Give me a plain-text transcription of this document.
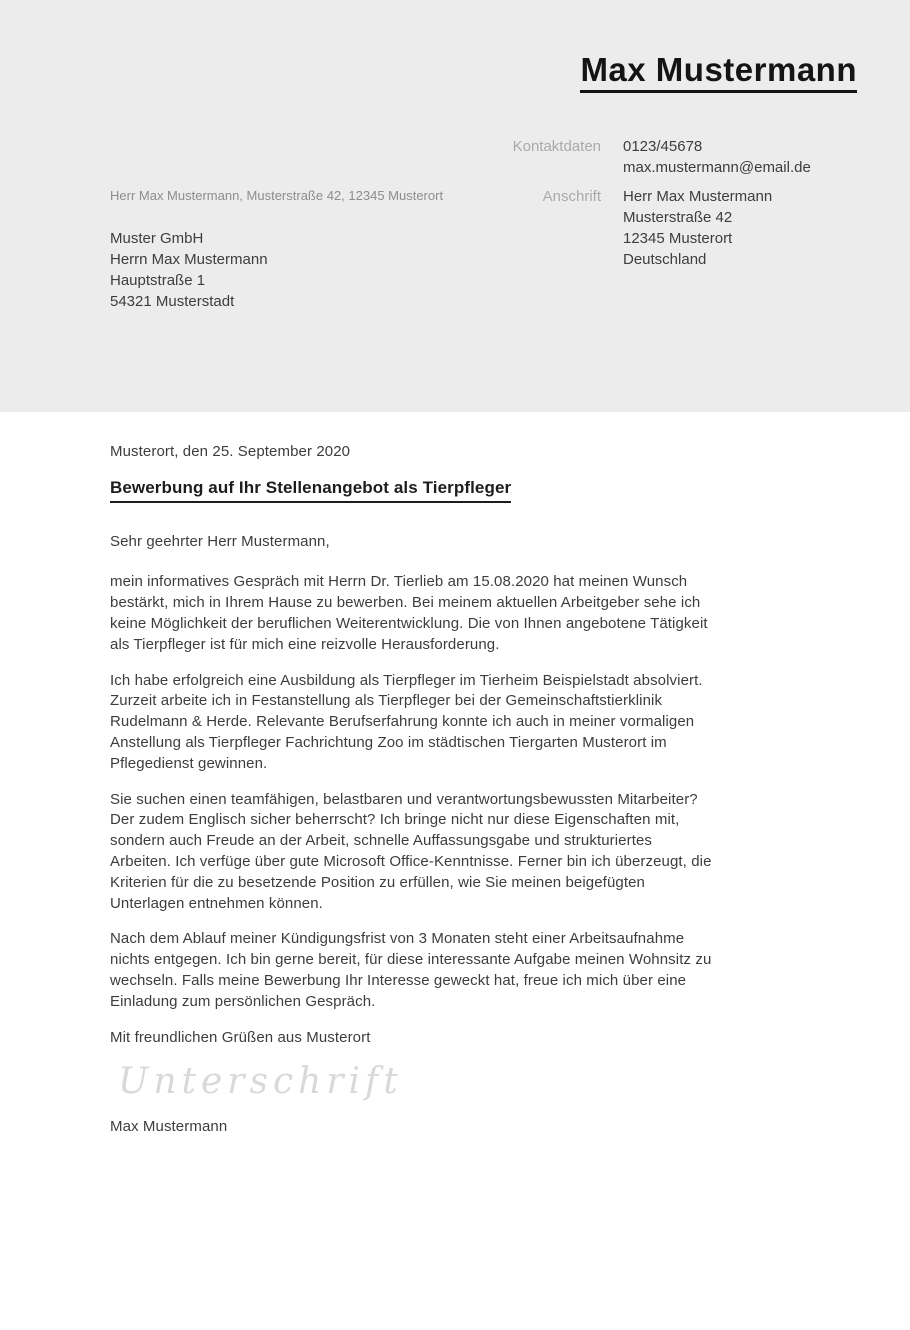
Max Mustermann
Kontaktdaten 0123/45678
max.mustermann@email.de
Anschrift Herr Max Mustermann
Musterstraße 42
12345 Musterort
Deutschland
Herr Max Mustermann, Musterstraße 42, 12345 Musterort
Muster GmbH
Herrn Max Mustermann
Hauptstraße 1
54321 Musterstadt
Musterort, den 25. September 2020
Bewerbung auf Ihr Stellenangebot als Tierpfleger
Sehr geehrter Herr Mustermann,

mein informatives Gespräch mit Herrn Dr. Tierlieb am 15.08.2020 hat meinen Wunsch bestärkt, mich in Ihrem Hause zu bewerben. Bei meinem aktuellen Arbeitgeber sehe ich keine Möglichkeit der beruflichen Weiterentwicklung. Die von Ihnen angebotene Tätigkeit als Tierpfleger ist für mich eine reizvolle Herausforderung.

Ich habe erfolgreich eine Ausbildung als Tierpfleger im Tierheim Beispielstadt absolviert. Zurzeit arbeite ich in Festanstellung als Tierpfleger bei der Gemeinschaftstierklinik Rudelmann & Herde. Relevante Berufserfahrung konnte ich auch in meiner vormaligen Anstellung als Tierpfleger Fachrichtung Zoo im städtischen Tiergarten Musterort im Pflegedienst gewinnen.

Sie suchen einen teamfähigen, belastbaren und verantwortungsbewussten Mitarbeiter? Der zudem Englisch sicher beherrscht? Ich bringe nicht nur diese Eigenschaften mit, sondern auch Freude an der Arbeit, schnelle Auffassungsgabe und strukturiertes Arbeiten. Ich verfüge über gute Microsoft Office-Kenntnisse. Ferner bin ich überzeugt, die Kriterien für die zu besetzende Position zu erfüllen, wie Sie meinen beigefügten Unterlagen entnehmen können.

Nach dem Ablauf meiner Kündigungsfrist von 3 Monaten steht einer Arbeitsaufnahme nichts entgegen. Ich bin gerne bereit, für diese interessante Aufgabe meinen Wohnsitz zu wechseln. Falls meine Bewerbung Ihr Interesse geweckt hat, freue ich mich über eine Einladung zum persönlichen Gespräch.

Mit freundlichen Grüßen aus Musterort
Unterschrift
Max Mustermann
